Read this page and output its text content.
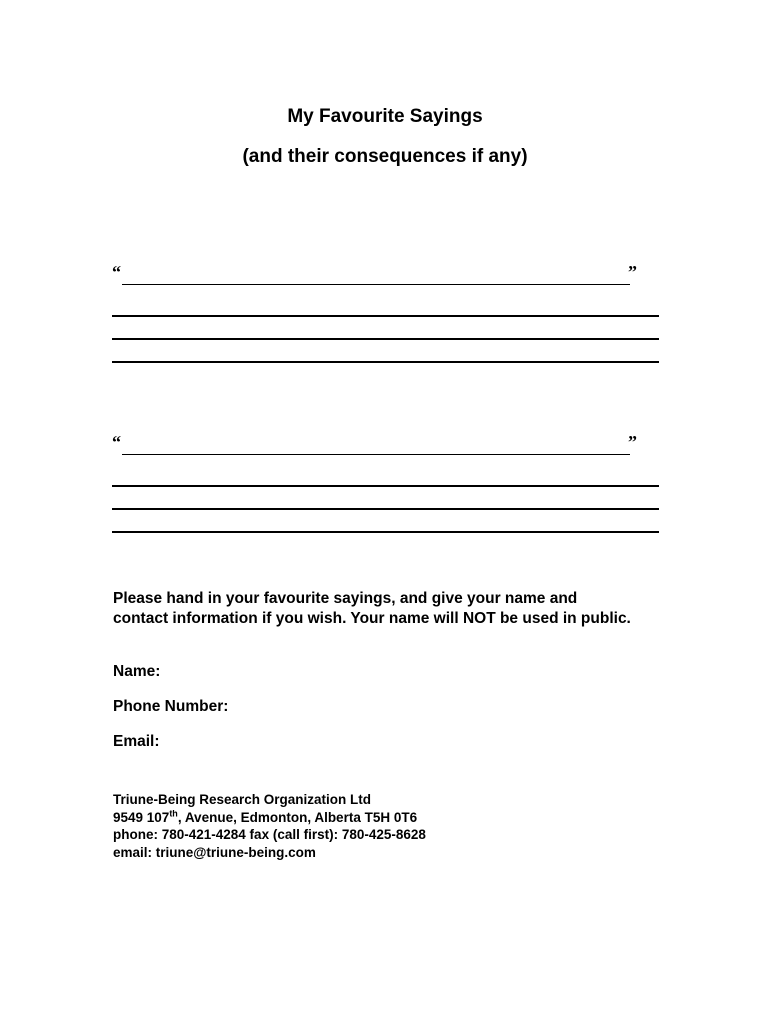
My Favourite Sayings
(and their consequences if any)
“	”
“	”
Please hand in your favourite sayings, and give your name and contact information if you wish. Your name will NOT be used in public.
Name:
Phone Number:
Email:
Triune-Being Research Organization Ltd
9549 107th, Avenue, Edmonton, Alberta T5H 0T6
phone: 780-421-4284 fax (call first): 780-425-8628
email: triune@triune-being.com
